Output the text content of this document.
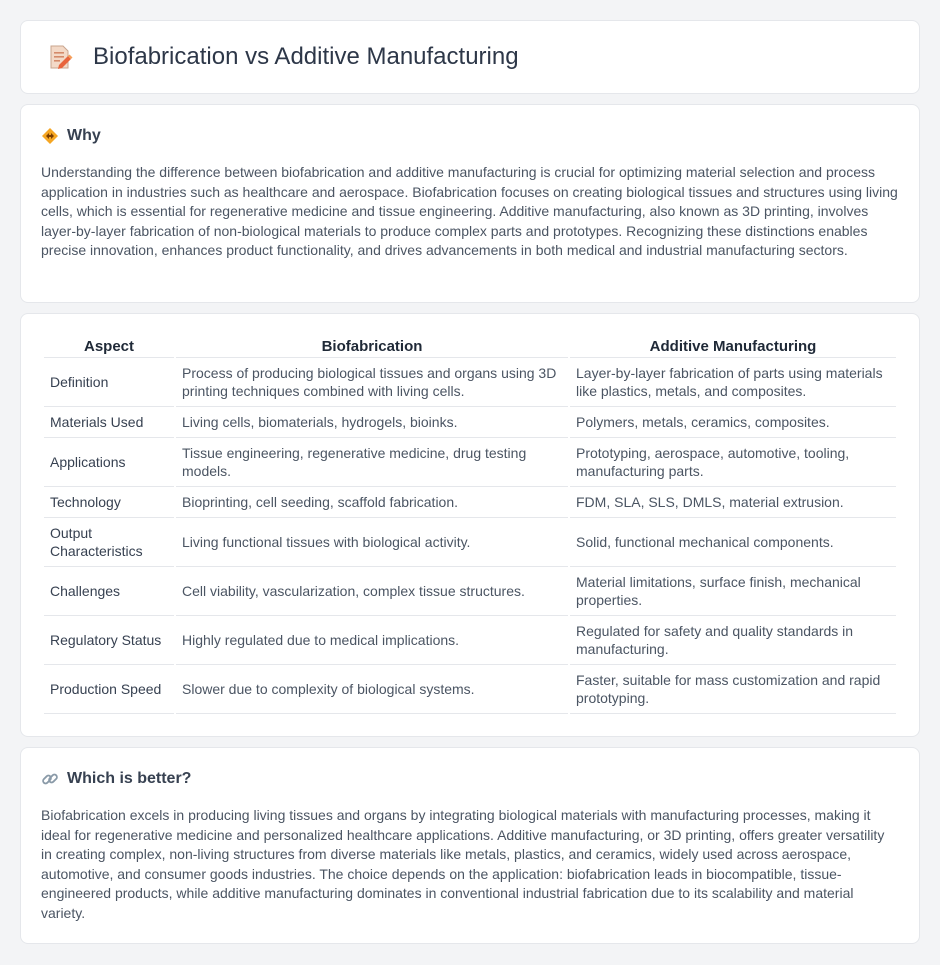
Biofabrication vs Additive Manufacturing
Why

Understanding the difference between biofabrication and additive manufacturing is crucial for optimizing material selection and process application in industries such as healthcare and aerospace. Biofabrication focuses on creating biological tissues and structures using living cells, which is essential for regenerative medicine and tissue engineering. Additive manufacturing, also known as 3D printing, involves layer-by-layer fabrication of non-biological materials to produce complex parts and prototypes. Recognizing these distinctions enables precise innovation, enhances product functionality, and drives advancements in both medical and industrial manufacturing sectors.

Aspect	Biofabrication	Additive Manufacturing
Definition	Process of producing biological tissues and organs using 3D printing techniques combined with living cells.	Layer-by-layer fabrication of parts using materials like plastics, metals, and composites.
Materials Used	Living cells, biomaterials, hydrogels, bioinks.	Polymers, metals, ceramics, composites.
Applications	Tissue engineering, regenerative medicine, drug testing models.	Prototyping, aerospace, automotive, tooling, manufacturing parts.
Technology	Bioprinting, cell seeding, scaffold fabrication.	FDM, SLA, SLS, DMLS, material extrusion.
Output Characteristics	Living functional tissues with biological activity.	Solid, functional mechanical components.
Challenges	Cell viability, vascularization, complex tissue structures.	Material limitations, surface finish, mechanical properties.
Regulatory Status	Highly regulated due to medical implications.	Regulated for safety and quality standards in manufacturing.
Production Speed	Slower due to complexity of biological systems.	Faster, suitable for mass customization and rapid prototyping.
Which is better?

Biofabrication excels in producing living tissues and organs by integrating biological materials with manufacturing processes, making it ideal for regenerative medicine and personalized healthcare applications. Additive manufacturing, or 3D printing, offers greater versatility in creating complex, non-living structures from diverse materials like metals, plastics, and ceramics, widely used across aerospace, automotive, and consumer goods industries. The choice depends on the application: biofabrication leads in biocompatible, tissue-engineered products, while additive manufacturing dominates in conventional industrial fabrication due to its scalability and material variety.
